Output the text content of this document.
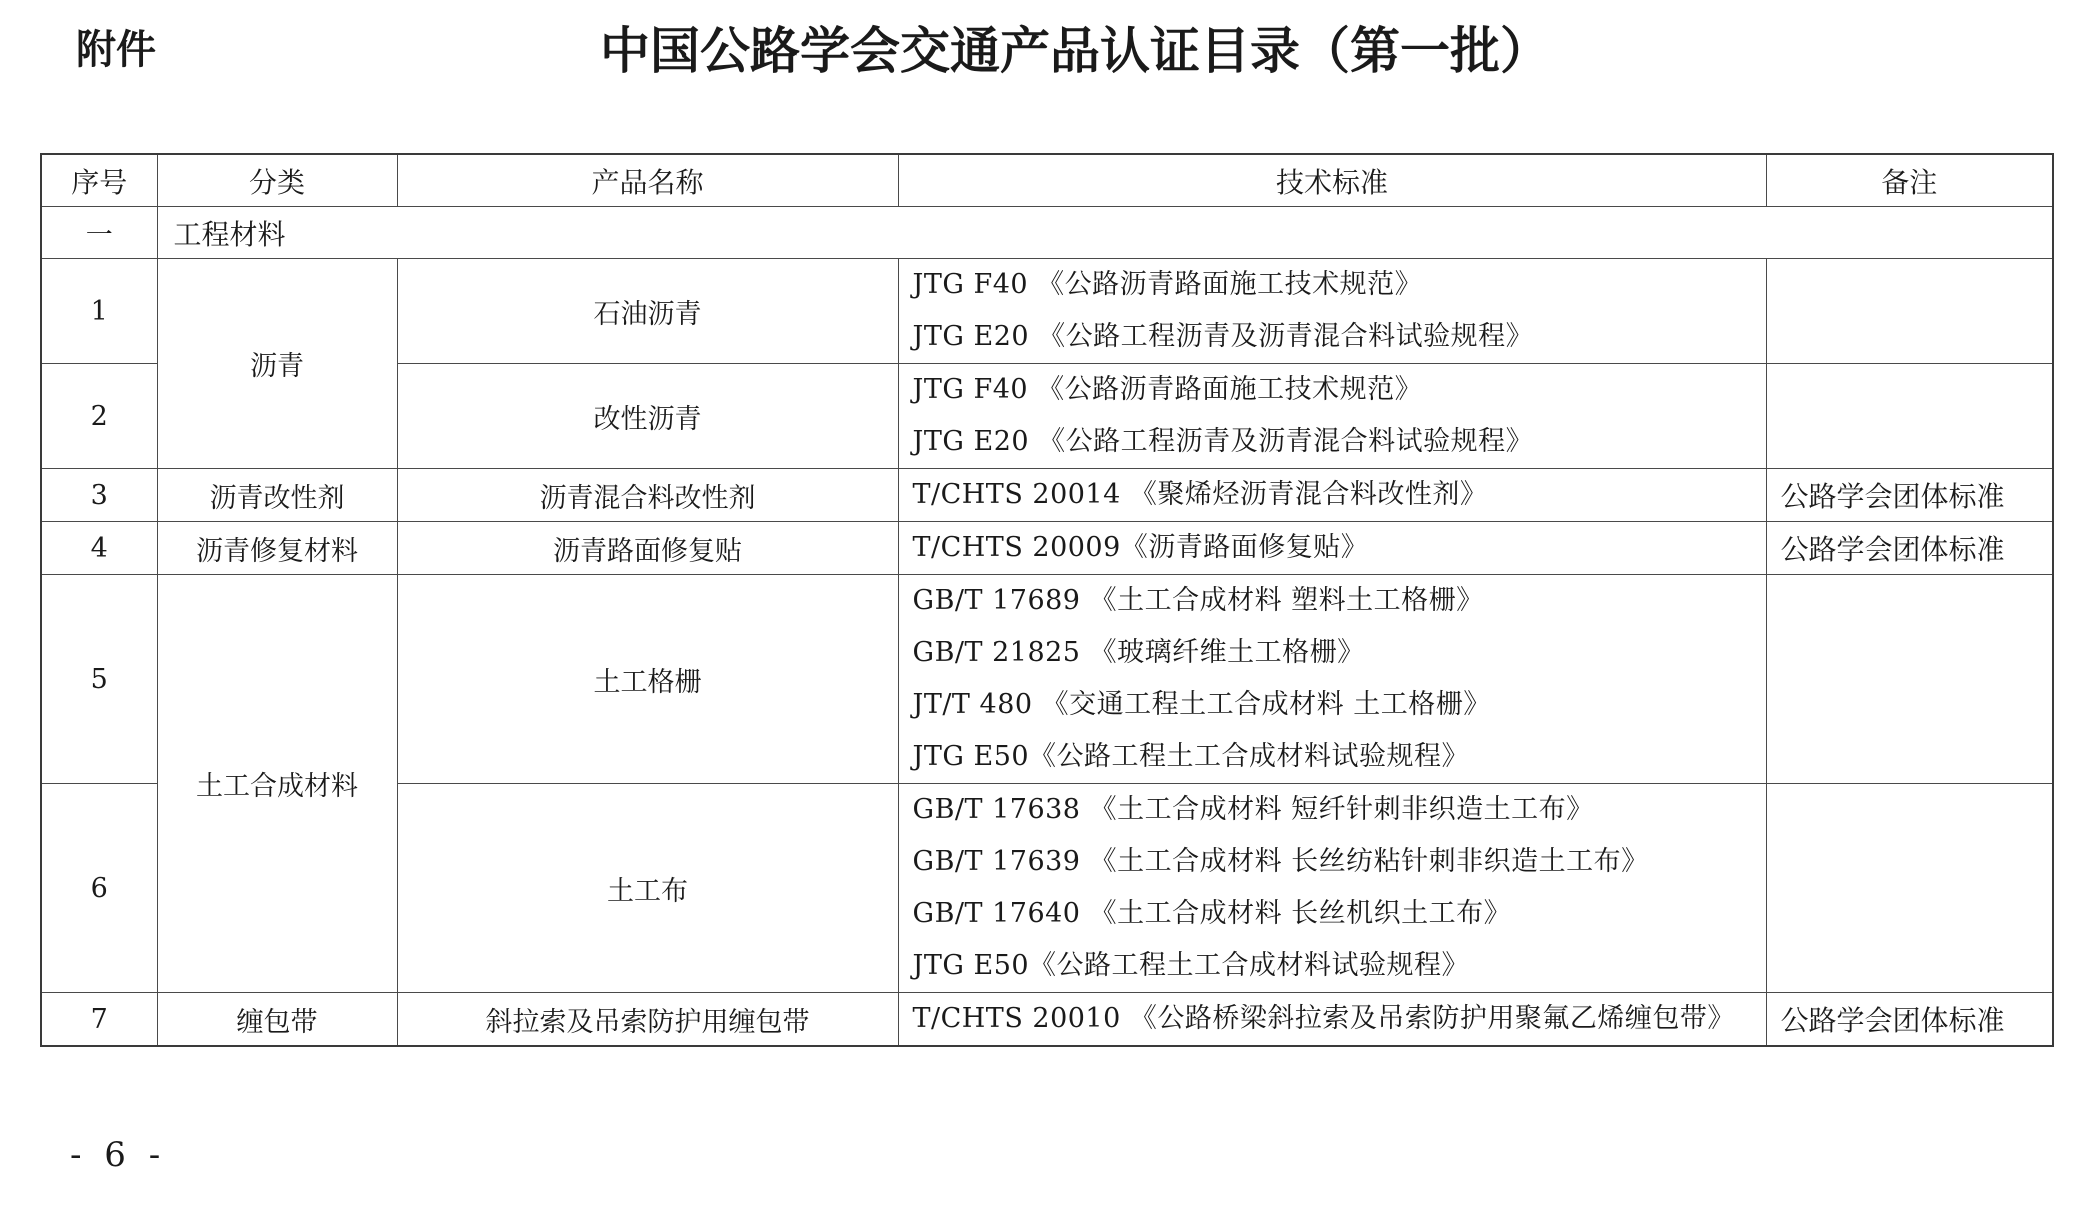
附件	中国公路学会交通产品认证目录（第一批）
序号	分类	产品名称	技术标准	备注
一	工程材料			
1	沥青	石油沥青	JTG F40 《公路沥青路面施工技术规范》
JTG E20 《公路工程沥青及沥青混合料试验规程》	

2		改性沥青	JTG F40 《公路沥青路面施工技术规范》
JTG E20 《公路工程沥青及沥青混合料试验规程》	

3	沥青改性剂	沥青混合料改性剂	T/CHTS 20014 《聚烯烃沥青混合料改性剂》	公路学会团体标准
4	沥青修复材料	沥青路面修复贴	T/CHTS 20009《沥青路面修复贴》	公路学会团体标准
5	土工合成材料	土工格栅	GB/T 17689 《土工合成材料 塑料土工格栅》
GB/T 21825 《玻璃纤维土工格栅》
JT/T 480 《交通工程土工合成材料 土工格栅》
JTG E50《公路工程土工合成材料试验规程》	

6		土工布	GB/T 17638 《土工合成材料 短纤针刺非织造土工布》
GB/T 17639 《土工合成材料 长丝纺粘针刺非织造土工布》
GB/T 17640 《土工合成材料 长丝机织土工布》
JTG E50《公路工程土工合成材料试验规程》	

7	缠包带	斜拉索及吊索防护用缠包带	T/CHTS 20010 《公路桥梁斜拉索及吊索防护用聚氟乙烯缠包带》	公路学会团体标准
- 6 -
